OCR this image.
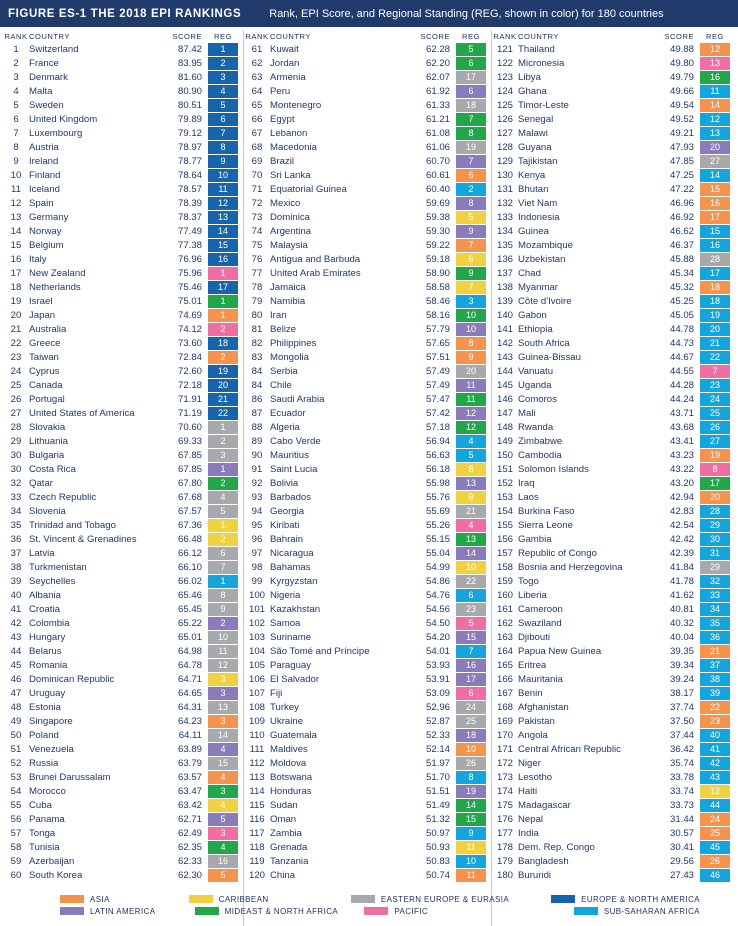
FIGURE ES-1 THE 2018 EPI RANKINGS	Rank, EPI Score, and Regional Standing (REG, shown in color) for 180 countries
RANK COUNTRY	SCORE	REG
1	Switzerland	87.42	1
2	France	83.95	2
3	Denmark	81.60	3
4	Malta	80.90	4
5	Sweden	80.51	5
6	United Kingdom	79.89	6
7	Luxembourg	79.12	7
8	Austria	78.97	8
9	Ireland	78.77	9
10 Finland	78.64	10
11 Iceland	78.57	11
12 Spain	78.39	12
13 Germany	78.37	13
14 Norway	77.49	14
15 Belgium	77.38	15
16 Italy	76.96	16
17 New Zealand	75.96	1
18 Netherlands	75.46	17
19 Israel	75.01	1
20 Japan	74.69	1
21 Australia	74.12	2
22 Greece	73.60	18
23 Taiwan	72.84	2
24 Cyprus	72.60	19
25 Canada	72.18	20
26 Portugal	71.91	21
27 United States of America	71.19	22
28 Slovakia	70.60	1
29 Lithuania	69.33	2
30 Bulgaria	67.85	3
30 Costa Rica	67.85	1
32 Qatar	67.80	2
33 Czech Republic	67.68	4
34 Slovenia	67.57	5
35 Trinidad and Tobago	67.36	1
36 St. Vincent & Grenadines	66.48	2
37 Latvia	66.12	6
38 Turkmenistan	66.10	7
39 Seychelles	66.02	1
40 Albania	65.46	8
41 Croatia	65.45	9
42 Colombia	65.22	2
43 Hungary	65.01	10
44 Belarus	64.98	11
45 Romania	64.78	12
46 Dominican Republic	64.71	3
47 Uruguay	64.65	3
48 Estonia	64.31	13
49 Singapore	64.23	3
50 Poland	64.11	14
51 Venezuela	63.89	4
52 Russia	63.79	15
53 Brunei Darussalam	63.57	4
54 Morocco	63.47	3
55 Cuba	63.42	4
56 Panama	62.71	5
57 Tonga	62.49	3
58 Tunisia	62.35	4
59 Azerbaijan	62.33	16
60 South Korea	62.30	5
RANK COUNTRY	SCORE	REG
61 Kuwait	62.28	5
62 Jordan	62.20	6
63 Armenia	62.07	17
64 Peru	61.92	6
65 Montenegro	61.33	18
66 Egypt	61.21	7
67 Lebanon	61.08	8
68 Macedonia	61.06	19
69 Brazil	60.70	7
70 Sri Lanka	60.61	6
71 Equatorial Guinea	60.40	2
72 Mexico	59.69	8
73 Dominica	59.38	5
74 Argentina	59.30	9
75 Malaysia	59.22	7
76 Antigua and Barbuda	59.18	6
77 United Arab Emirates	58.90	9
78 Jamaica	58.58	7
79 Namibia	58.46	3
80 Iran	58.16	10
81 Belize	57.79	10
82 Philippines	57.65	8
83 Mongolia	57.51	9
84 Serbia	57.49	20
84 Chile	57.49	11
86 Saudi Arabia	57.47	11
87 Ecuador	57.42	12
88 Algeria	57.18	12
89 Cabo Verde	56.94	4
90 Mauritius	56.63	5
91 Saint Lucia	56.18	8
92 Bolivia	55.98	13
93 Barbados	55.76	9
94 Georgia	55.69	21
95 Kiribati	55.26	4
96 Bahrain	55.15	13
97 Nicaragua	55.04	14
98 Bahamas	54.99	10
99 Kyrgyzstan	54.86	22
100 Nigeria	54.76	6
101 Kazakhstan	54.56	23
102 Samoa	54.50	5
103 Suriname	54.20	15
104 São Tomé and Príncipe	54.01	7
105 Paraguay	53.93	16
106 El Salvador	53.91	17
107 Fiji	53.09	6
108 Turkey	52.96	24
109 Ukraine	52.87	25
110 Guatemala	52.33	18
111 Maldives	52.14	10
112 Moldova	51.97	26
113 Botswana	51.70	8
114 Honduras	51.51	19
115 Sudan	51.49	14
116 Oman	51.32	15
117 Zambia	50.97	9
118 Grenada	50.93	11
119 Tanzania	50.83	10
120 China	50.74	11
RANK COUNTRY	SCORE	REG
121 Thailand	49.88	12
122 Micronesia	49.80	13
123 Libya	49.79	16
124 Ghana	49.66	11
125 Timor-Leste	49.54	14
126 Senegal	49.52	12
127 Malawi	49.21	13
128 Guyana	47.93	20
129 Tajikistan	47.85	27
130 Kenya	47.25	14
131 Bhutan	47.22	15
132 Viet Nam	46.96	16
133 Indonesia	46.92	17
134 Guinea	46.62	15
135 Mozambique	46.37	16
136 Uzbekistan	45.88	28
137 Chad	45.34	17
138 Myanmar	45.32	18
139 Côte d'Ivoire	45.25	18
140 Gabon	45.05	19
141 Ethiopia	44.78	20
142 South Africa	44.73	21
143 Guinea-Bissau	44.67	22
144 Vanuatu	44.55	7
145 Uganda	44.28	23
146 Comoros	44.24	24
147 Mali	43.71	25
148 Rwanda	43.68	26
149 Zimbabwe	43.41	27
150 Cambodia	43.23	19
151 Solomon Islands	43.22	8
152 Iraq	43.20	17
153 Laos	42.94	20
154 Burkina Faso	42.83	28
155 Sierra Leone	42.54	29
156 Gambia	42.42	30
157 Republic of Congo	42.39	31
158 Bosnia and Herzegovina	41.84	29
159 Togo	41.78	32
160 Liberia	41.62	33
161 Cameroon	40.81	34
162 Swaziland	40.32	35
163 Djibouti	40.04	36
164 Papua New Guinea	39.35	21
165 Eritrea	39.34	37
166 Mauritania	39.24	38
167 Benin	38.17	39
168 Afghanistan	37.74	22
169 Pakistan	37.50	23
170 Angola	37.44	40
171 Central African Republic	36.42	41
172 Niger	35.74	42
173 Lesotho	33.78	43
174 Haiti	33.74	12
175 Madagascar	33.73	44
176 Nepal	31.44	24
177 India	30.57	25
178 Dem. Rep. Congo	30.41	45
179 Bangladesh	29.56	26
180 Burundi	27.43	46
ASIA	CARIBBEAN	EASTERN EUROPE & EURASIA	EUROPE & NORTH AMERICA
LATIN AMERICA	MIDEAST & NORTH AFRICA	PACIFIC	SUB-SAHARAN AFRICA
